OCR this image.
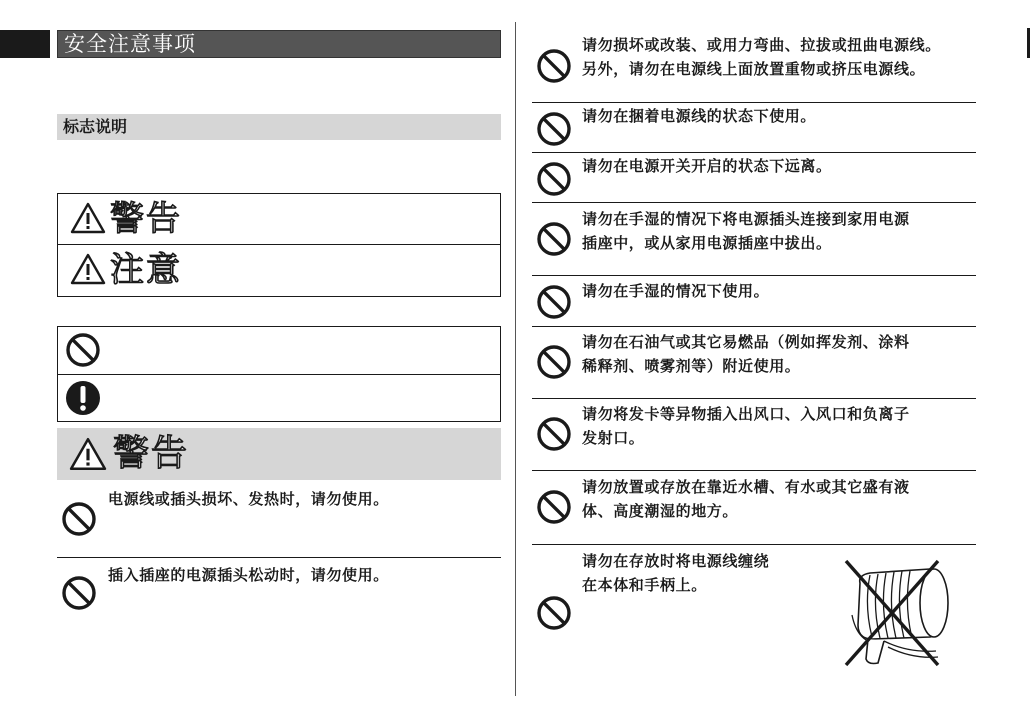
安全注意事项
标志说明
警告
注意
警告
电源线或插头损坏、发热时，请勿使用。
插入插座的电源插头松动时，请勿使用。
请勿损坏或改装、或用力弯曲、拉拔或扭曲电源线。
另外，请勿在电源线上面放置重物或挤压电源线。
请勿在捆着电源线的状态下使用。
请勿在电源开关开启的状态下远离。
请勿在手湿的情况下将电源插头连接到家用电源
插座中，或从家用电源插座中拔出。
请勿在手湿的情况下使用。
请勿在石油气或其它易燃品（例如挥发剂、涂料
稀释剂、喷雾剂等）附近使用。
请勿将发卡等异物插入出风口、入风口和负离子
发射口。
请勿放置或存放在靠近水槽、有水或其它盛有液
体、高度潮湿的地方。
请勿在存放时将电源线缠绕
在本体和手柄上。
